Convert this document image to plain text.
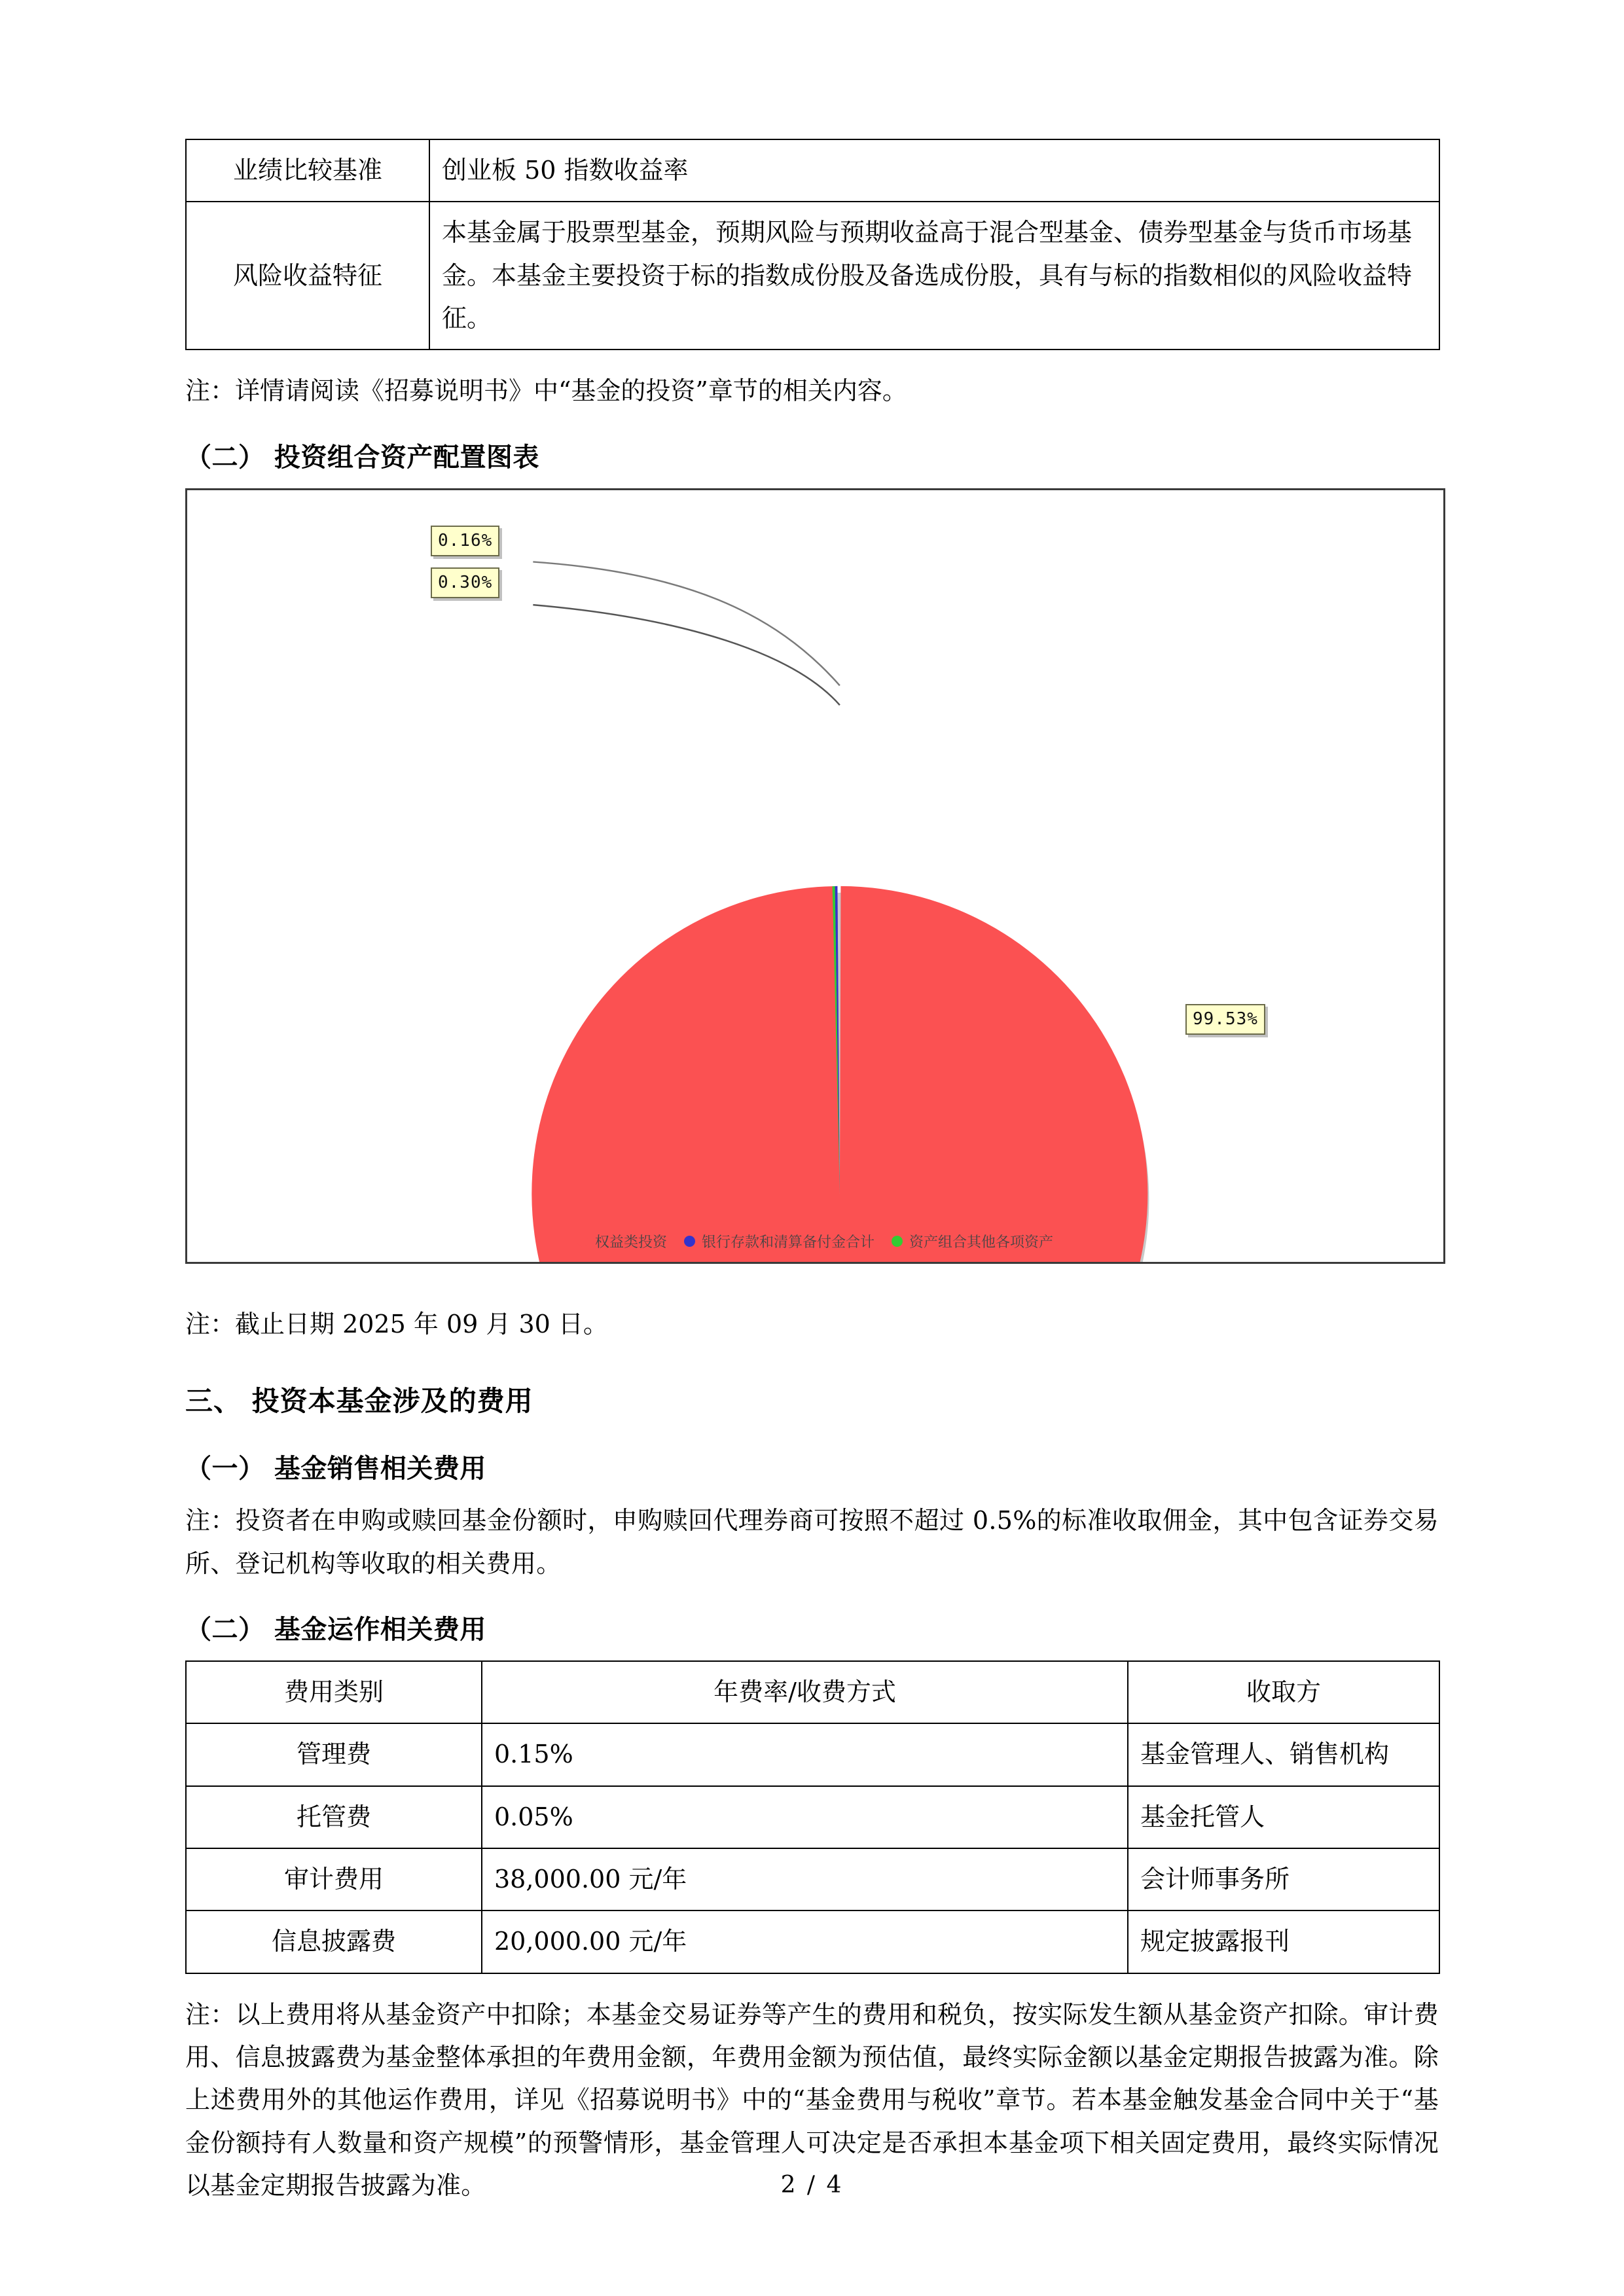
业绩比较基准	创业板 50 指数收益率
风险收益特征	本基金属于股票型基金，预期风险与预期收益高于混合型基金、债券型基金与货币市场基金。本基金主要投资于标的指数成份股及备选成份股，具有与标的指数相似的风险收益特征。

注：详情请阅读《招募说明书》中“基金的投资”章节的相关内容。

（二） 投资组合资产配置图表
0.16%
0.30%
99.53%
权益类投资 银行存款和清算备付金合计 资产组合其他各项资产

注：截止日期 2025 年 09 月 30 日。

三、 投资本基金涉及的费用
（一） 基金销售相关费用

注：投资者在申购或赎回基金份额时，申购赎回代理券商可按照不超过 0.5%的标准收取佣金，其中包含证券交易所、登记机构等收取的相关费用。

（二） 基金运作相关费用
费用类别	年费率/收费方式	收取方
管理费	0.15%	基金管理人、销售机构
托管费	0.05%	基金托管人
审计费用	38,000.00 元/年	会计师事务所
信息披露费	20,000.00 元/年	规定披露报刊

注：以上费用将从基金资产中扣除；本基金交易证券等产生的费用和税负，按实际发生额从基金资产扣除。审计费用、信息披露费为基金整体承担的年费用金额，年费用金额为预估值，最终实际金额以基金定期报告披露为准。除上述费用外的其他运作费用，详见《招募说明书》中的“基金费用与税收”章节。若本基金触发基金合同中关于“基金份额持有人数量和资产规模”的预警情形，基金管理人可决定是否承担本基金项下相关固定费用，最终实际情况以基金定期报告披露为准。	2 / 4
